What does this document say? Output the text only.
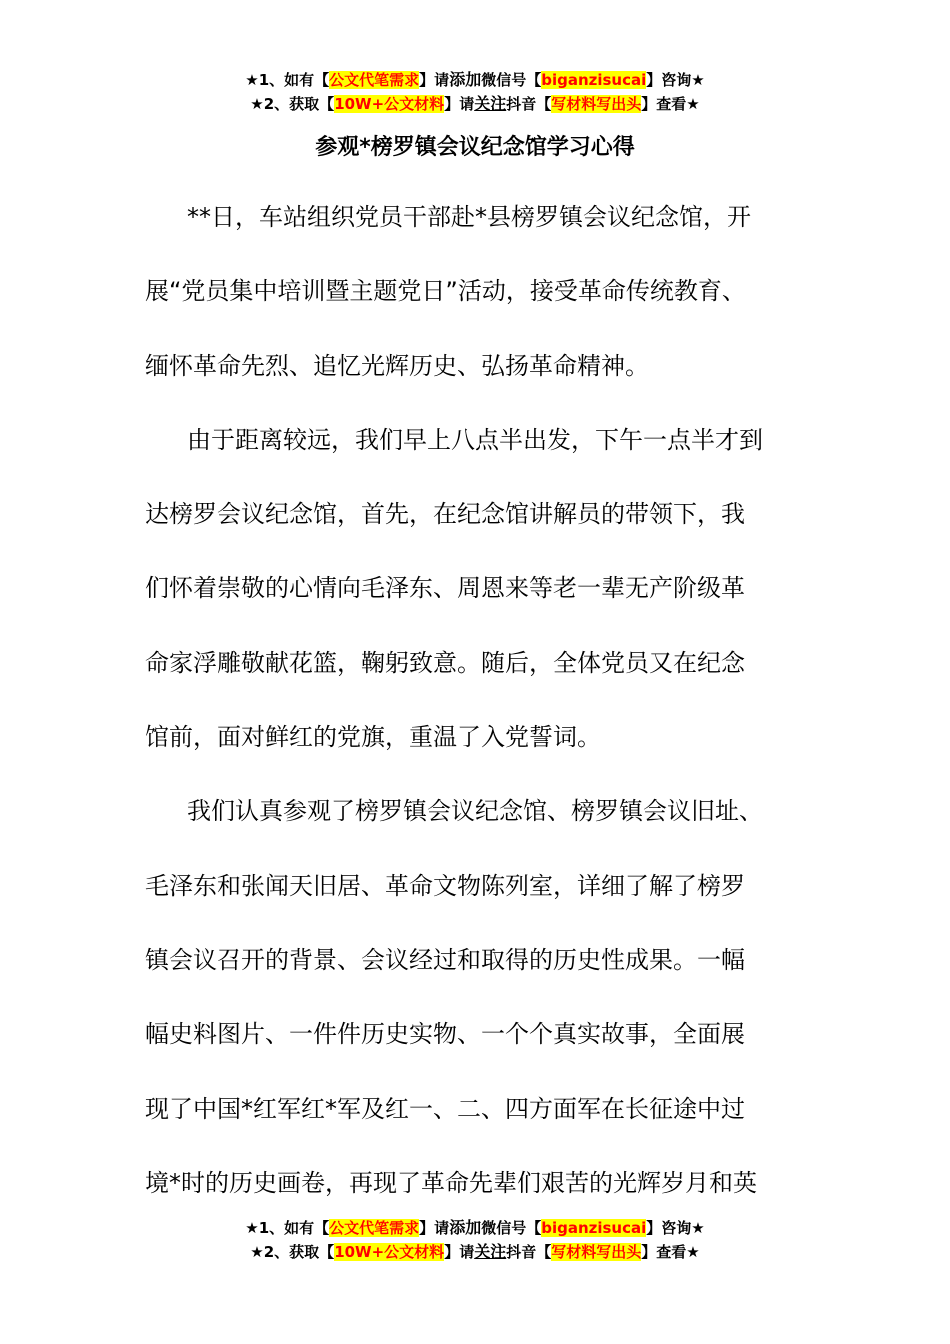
★1、如有【公文代笔需求】请添加微信号【biganzisucai】咨询★
★2、获取【10W+公文材料】请关注抖音【写材料写出头】查看★
参观*榜罗镇会议纪念馆学习心得
**日，车站组织党员干部赴*县榜罗镇会议纪念馆，开
展“党员集中培训暨主题党日”活动，接受革命传统教育、
缅怀革命先烈、追忆光辉历史、弘扬革命精神。
由于距离较远，我们早上八点半出发，下午一点半才到
达榜罗会议纪念馆，首先，在纪念馆讲解员的带领下，我
们怀着崇敬的心情向毛泽东、周恩来等老一辈无产阶级革
命家浮雕敬献花篮，鞠躬致意。随后，全体党员又在纪念
馆前，面对鲜红的党旗，重温了入党誓词。
我们认真参观了榜罗镇会议纪念馆、榜罗镇会议旧址、
毛泽东和张闻天旧居、革命文物陈列室，详细了解了榜罗
镇会议召开的背景、会议经过和取得的历史性成果。一幅
幅史料图片、一件件历史实物、一个个真实故事，全面展
现了中国*红军红*军及红一、二、四方面军在长征途中过
境*时的历史画卷，再现了革命先辈们艰苦的光辉岁月和英
★1、如有【公文代笔需求】请添加微信号【biganzisucai】咨询★
★2、获取【10W+公文材料】请关注抖音【写材料写出头】查看★
